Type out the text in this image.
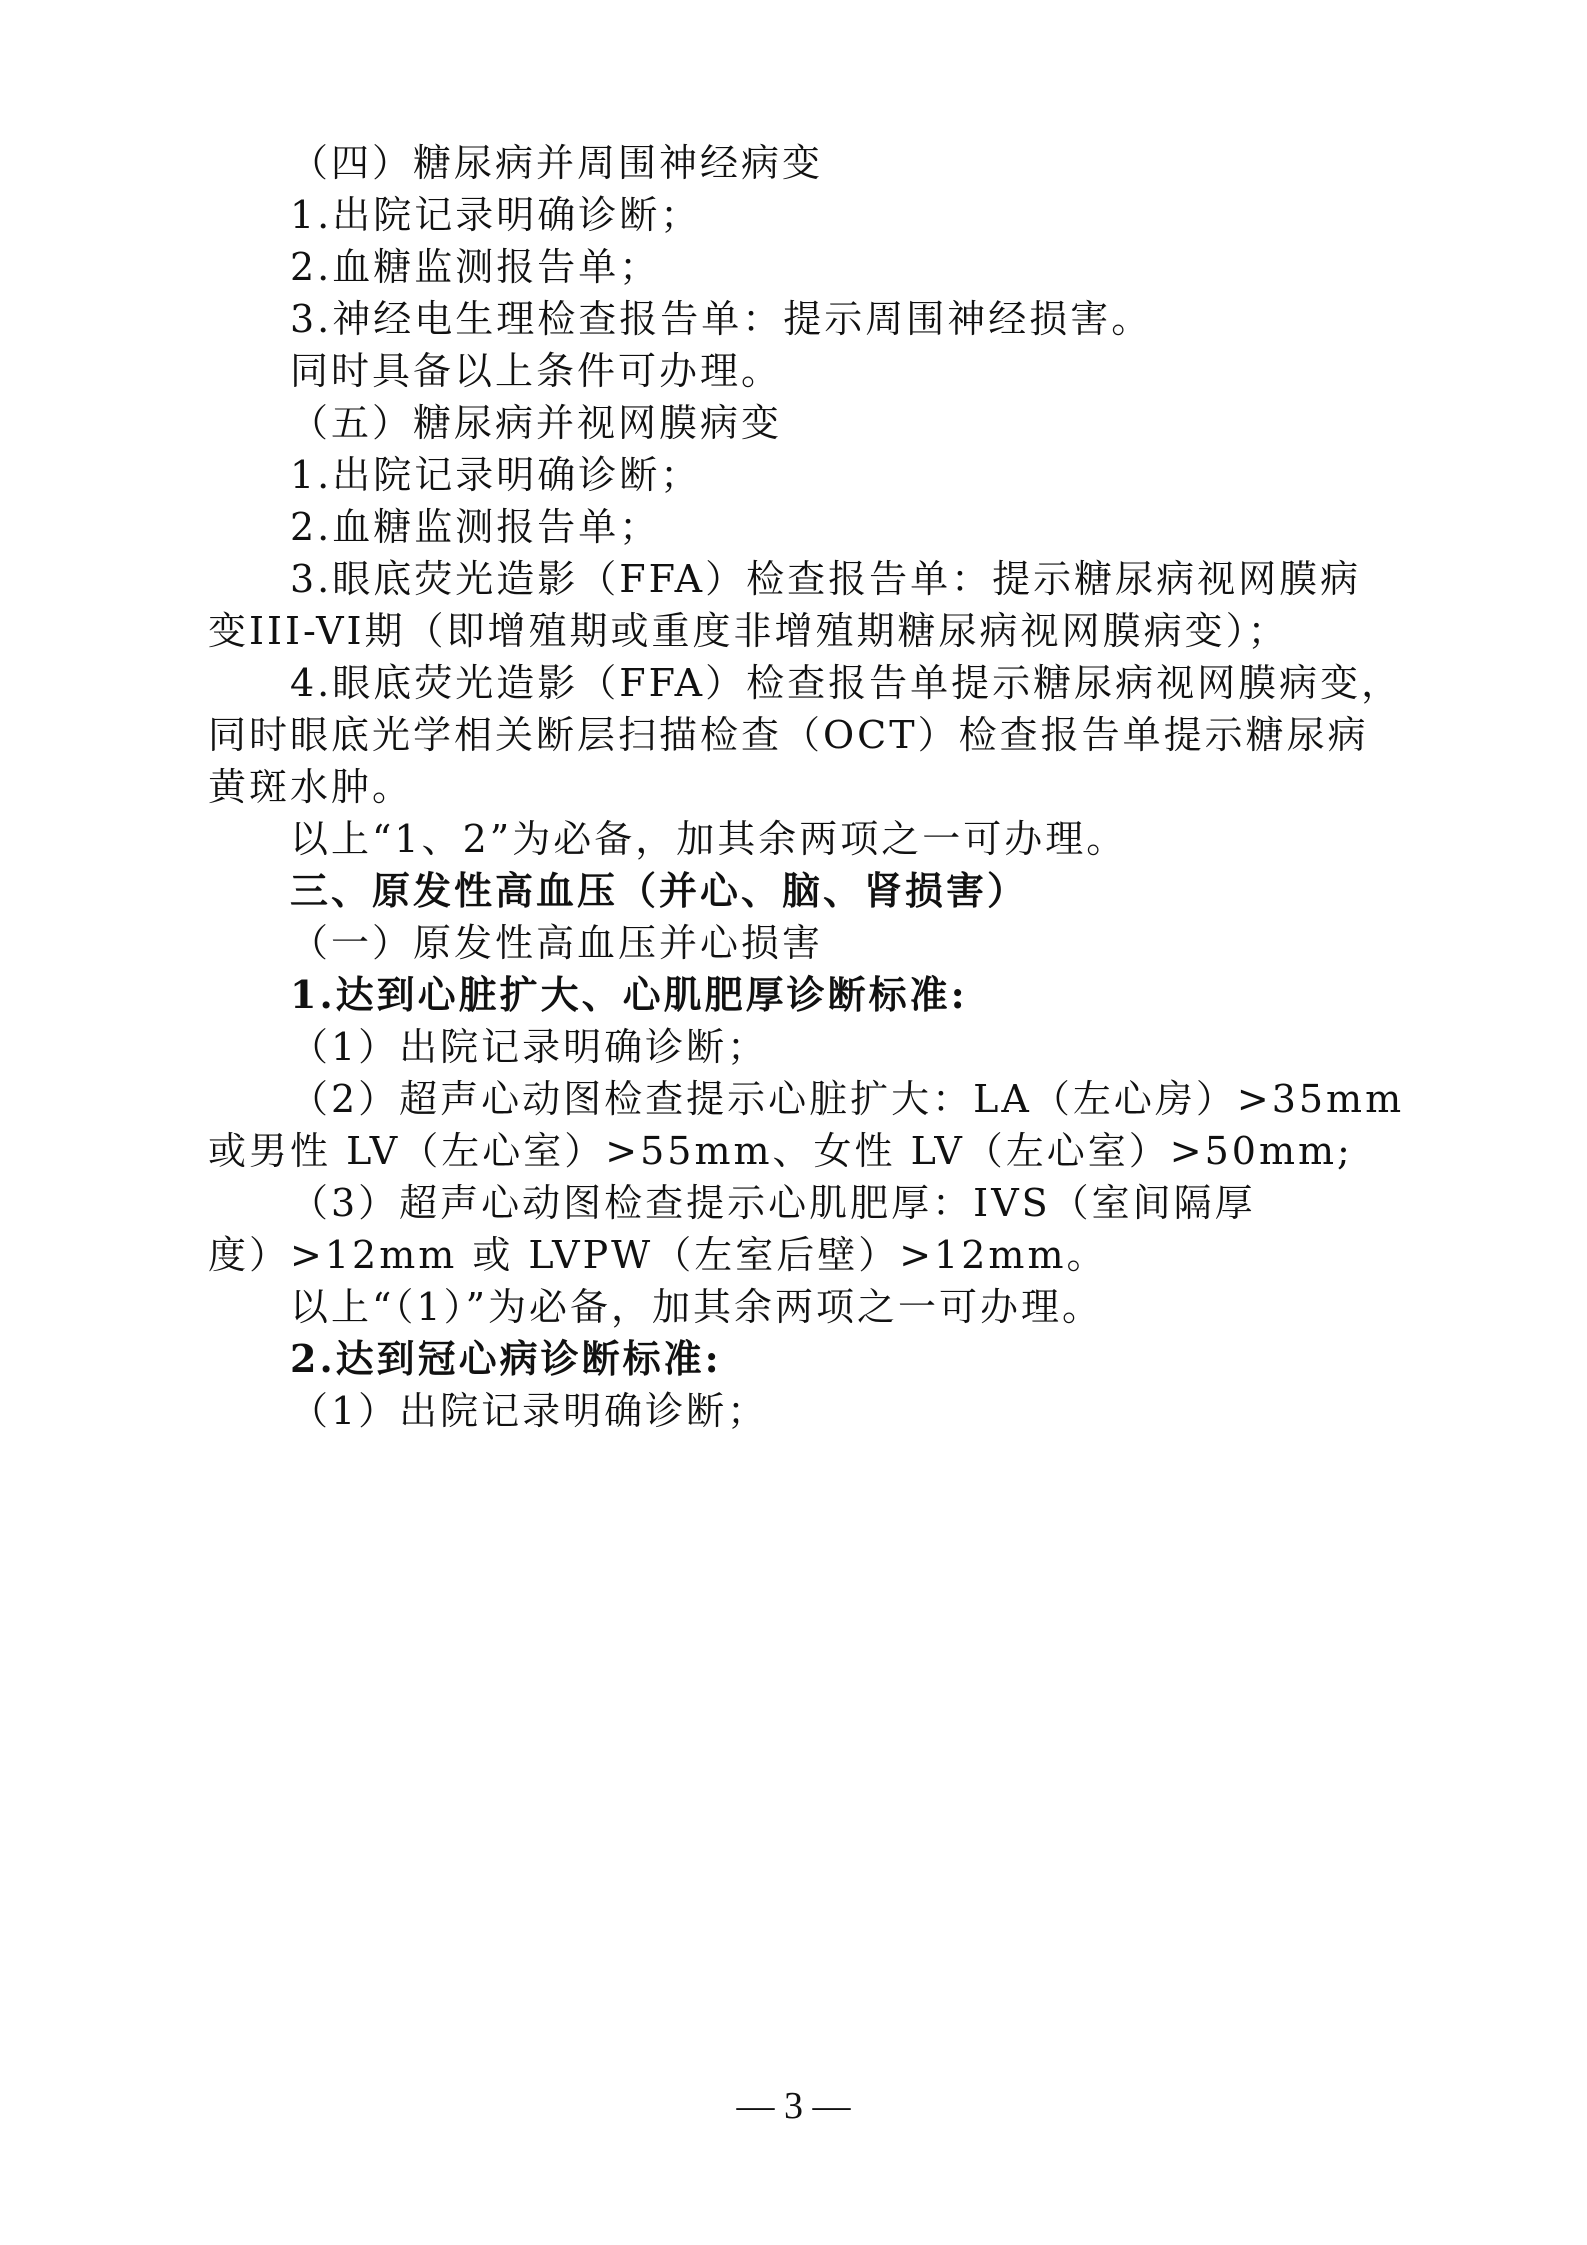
（四）糖尿病并周围神经病变
1.出院记录明确诊断；
2.血糖监测报告单；
3.神经电生理检查报告单：提示周围神经损害。
同时具备以上条件可办理。
（五）糖尿病并视网膜病变
1.出院记录明确诊断；
2.血糖监测报告单；
3.眼底荧光造影（FFA）检查报告单：提示糖尿病视网膜病
变III-VI期（即增殖期或重度非增殖期糖尿病视网膜病变）；
4.眼底荧光造影（FFA）检查报告单提示糖尿病视网膜病变，
同时眼底光学相关断层扫描检查（OCT）检查报告单提示糖尿病
黄斑水肿。
以上“1、2”为必备，加其余两项之一可办理。
三、原发性高血压（并心、脑、肾损害）
（一）原发性高血压并心损害
1.达到心脏扩大、心肌肥厚诊断标准:
（1）出院记录明确诊断；
（2）超声心动图检查提示心脏扩大：LA（左心房）>35mm
或男性 LV（左心室）>55mm、女性 LV（左心室）>50mm;
（3）超声心动图检查提示心肌肥厚：IVS（室间隔厚
度）>12mm 或 LVPW（左室后壁）>12mm。
以上“（1）”为必备，加其余两项之一可办理。
2.达到冠心病诊断标准:
（1）出院记录明确诊断；
— 3 —
